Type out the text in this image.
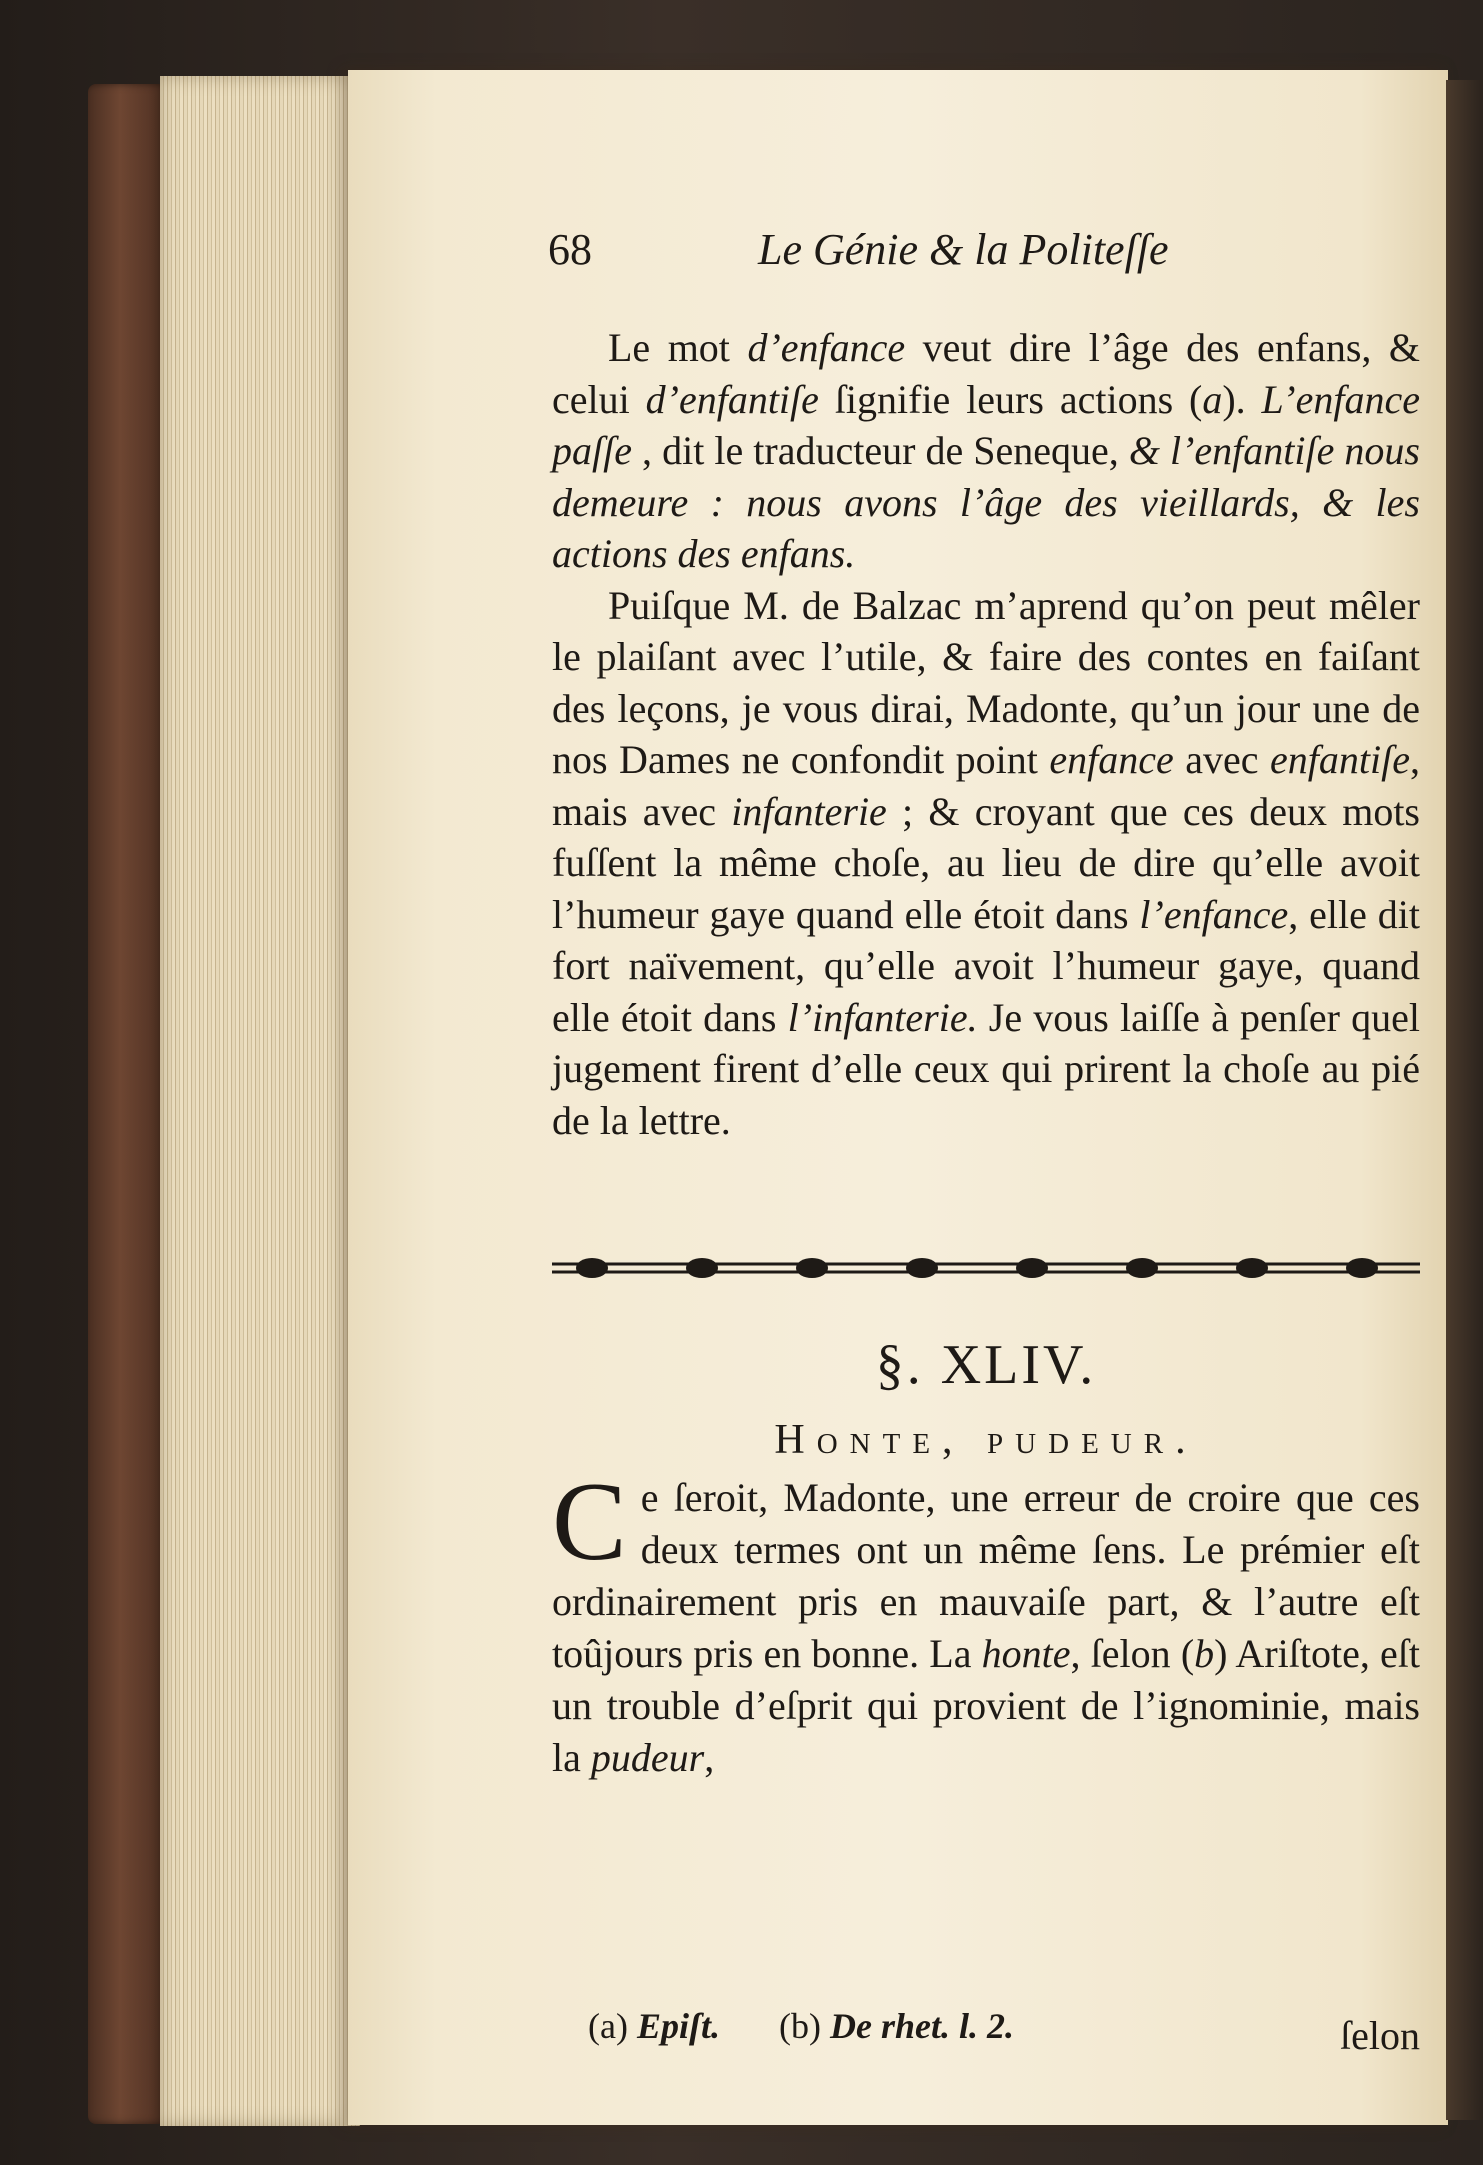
68	Le Génie & la Politeſſe

Le mot d’enfance veut dire l’âge des enfans, & celui d’enfantiſe ſignifie leurs actions (a). L’enfance paſſe , dit le traducteur de Seneque, & l’enfantiſe nous demeure : nous avons l’âge des vieillards, & les actions des enfans.

Puiſque M. de Balzac m’aprend qu’on peut mêler le plaiſant avec l’utile, & faire des contes en faiſant des leçons, je vous dirai, Madonte, qu’un jour une de nos Dames ne confondit point enfance avec enfantiſe, mais avec infanterie ; & croyant que ces deux mots fuſſent la même choſe, au lieu de dire qu’elle avoit l’humeur gaye quand elle étoit dans l’enfance, elle dit fort naïvement, qu’elle avoit l’humeur gaye, quand elle étoit dans l’infanterie. Je vous laiſſe à penſer quel jugement firent d’elle ceux qui prirent la choſe au pié de la lettre.

§. XLIV.
Honte, pudeur.
Ce ſeroit, Madonte, une erreur de croire que ces deux termes ont un même ſens. Le prémier eſt ordinairement pris en mauvaiſe part, & l’autre eſt toûjours pris en bonne. La honte, ſelon (b) Ariſtote, eſt un trouble d’eſprit qui provient de l’ignominie, mais la pudeur,
ſelon
(a) Epiſt. (b) De rhet. l. 2.
